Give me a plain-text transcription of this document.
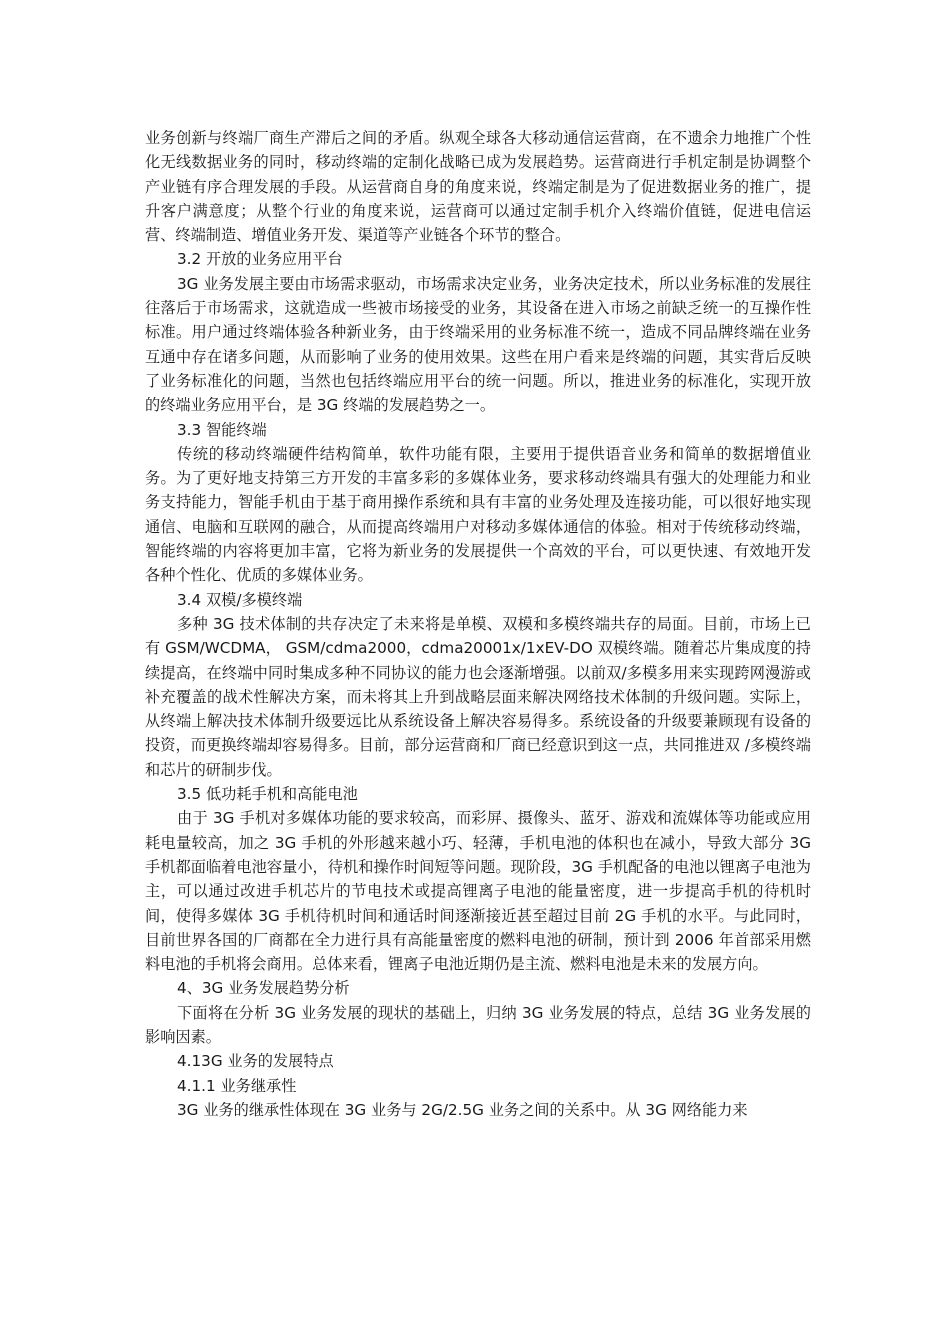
业务创新与终端厂商生产滞后之间的矛盾。纵观全球各大移动通信运营商，在不遗余力地推广个性化无线数据业务的同时，移动终端的定制化战略已成为发展趋势。运营商进行手机定制是协调整个产业链有序合理发展的手段。从运营商自身的角度来说，终端定制是为了促进数据业务的推广，提升客户满意度；从整个行业的角度来说，运营商可以通过定制手机介入终端价值链，促进电信运营、终端制造、增值业务开发、渠道等产业链各个环节的整合。

3.2 开放的业务应用平台

3G 业务发展主要由市场需求驱动，市场需求决定业务，业务决定技术，所以业务标准的发展往往落后于市场需求，这就造成一些被市场接受的业务，其设备在进入市场之前缺乏统一的互操作性标准。用户通过终端体验各种新业务，由于终端采用的业务标准不统一，造成不同品牌终端在业务互通中存在诸多问题，从而影响了业务的使用效果。这些在用户看来是终端的问题，其实背后反映了业务标准化的问题，当然也包括终端应用平台的统一问题。所以，推进业务的标准化，实现开放的终端业务应用平台，是 3G 终端的发展趋势之一。

3.3 智能终端

传统的移动终端硬件结构简单，软件功能有限，主要用于提供语音业务和简单的数据增值业务。为了更好地支持第三方开发的丰富多彩的多媒体业务，要求移动终端具有强大的处理能力和业务支持能力，智能手机由于基于商用操作系统和具有丰富的业务处理及连接功能，可以很好地实现通信、电脑和互联网的融合，从而提高终端用户对移动多媒体通信的体验。相对于传统移动终端，智能终端的内容将更加丰富，它将为新业务的发展提供一个高效的平台，可以更快速、有效地开发各种个性化、优质的多媒体业务。

3.4 双模/多模终端

多种 3G 技术体制的共存决定了未来将是单模、双模和多模终端共存的局面。目前，市场上已有 GSM/WCDMA， GSM/cdma2000，cdma20001x/1xEV-DO 双模终端。随着芯片集成度的持续提高，在终端中同时集成多种不同协议的能力也会逐渐增强。以前双/多模多用来实现跨网漫游或补充覆盖的战术性解决方案，而未将其上升到战略层面来解决网络技术体制的升级问题。实际上，从终端上解决技术体制升级要远比从系统设备上解决容易得多。系统设备的升级要兼顾现有设备的投资，而更换终端却容易得多。目前，部分运营商和厂商已经意识到这一点，共同推进双 /多模终端和芯片的研制步伐。

3.5 低功耗手机和高能电池

由于 3G 手机对多媒体功能的要求较高，而彩屏、摄像头、蓝牙、游戏和流媒体等功能或应用耗电量较高，加之 3G 手机的外形越来越小巧、轻薄，手机电池的体积也在减小，导致大部分 3G 手机都面临着电池容量小，待机和操作时间短等问题。现阶段，3G 手机配备的电池以锂离子电池为主，可以通过改进手机芯片的节电技术或提高锂离子电池的能量密度，进一步提高手机的待机时间，使得多媒体 3G 手机待机时间和通话时间逐渐接近甚至超过目前 2G 手机的水平。与此同时，目前世界各国的厂商都在全力进行具有高能量密度的燃料电池的研制，预计到 2006 年首部采用燃料电池的手机将会商用。总体来看，锂离子电池近期仍是主流、燃料电池是未来的发展方向。

4、3G 业务发展趋势分析

下面将在分析 3G 业务发展的现状的基础上，归纳 3G 业务发展的特点，总结 3G 业务发展的影响因素。

4.13G 业务的发展特点

4.1.1 业务继承性

3G 业务的继承性体现在 3G 业务与 2G/2.5G 业务之间的关系中。从 3G 网络能力来
